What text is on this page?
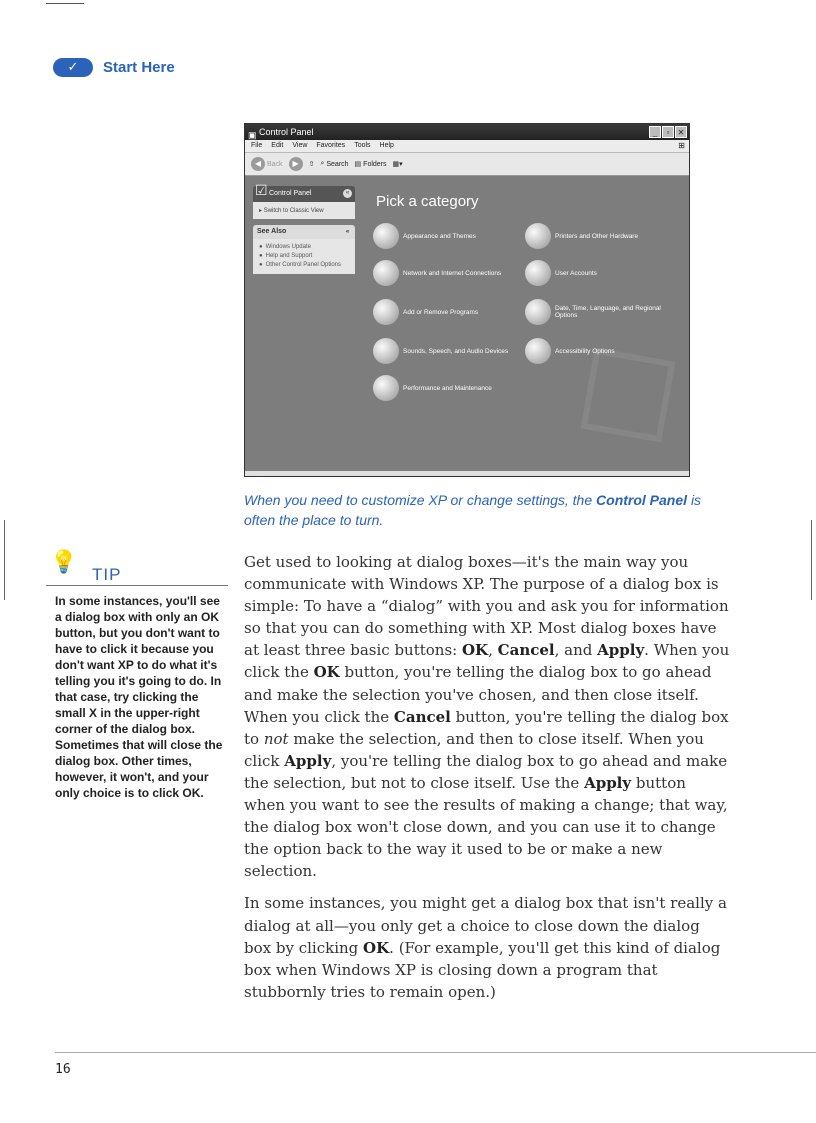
✓	Start Here
▣ Control Panel	_	▫	✕
File Edit View Favorites Tools Help	⊞
◀ Back	▶	⇧ ⌕ Search ▤ Folders ▦▾
☑ Control Panel	«
▸ Switch to Classic View
See Also	«
● Windows Update
● Help and Support
● Other Control Panel Options
Pick a category
Appearance and Themes	Printers and Other Hardware
Network and Internet Connections	User Accounts
Add or Remove Programs	Date, Time, Language, and Regional Options
Sounds, Speech, and Audio Devices	Accessibility Options
Performance and Maintenance
When you need to customize XP or change settings, the Control Panel is often the place to turn.
💡 TIP
In some instances, you'll see a dialog box with only an OK button, but you don't want to have to click it because you don't want XP to do what it's telling you it's going to do. In that case, try clicking the small X in the upper-right corner of the dialog box. Sometimes that will close the dialog box. Other times, however, it won't, and your only choice is to click OK.

Get used to looking at dialog boxes—it's the main way you communicate with Windows XP. The purpose of a dialog box is simple: To have a “dialog” with you and ask you for information so that you can do something with XP. Most dialog boxes have at least three basic buttons: OK, Cancel, and Apply. When you click the OK button, you're telling the dialog box to go ahead and make the selection you've chosen, and then close itself. When you click the Cancel button, you're telling the dialog box to not make the selection, and then to close itself. When you click Apply, you're telling the dialog box to go ahead and make the selection, but not to close itself. Use the Apply button when you want to see the results of making a change; that way, the dialog box won't close down, and you can use it to change the option back to the way it used to be or make a new selection.

In some instances, you might get a dialog box that isn't really a dialog at all—you only get a choice to close down the dialog box by clicking OK. (For example, you'll get this kind of dialog box when Windows XP is closing down a program that stubbornly tries to remain open.)

16
